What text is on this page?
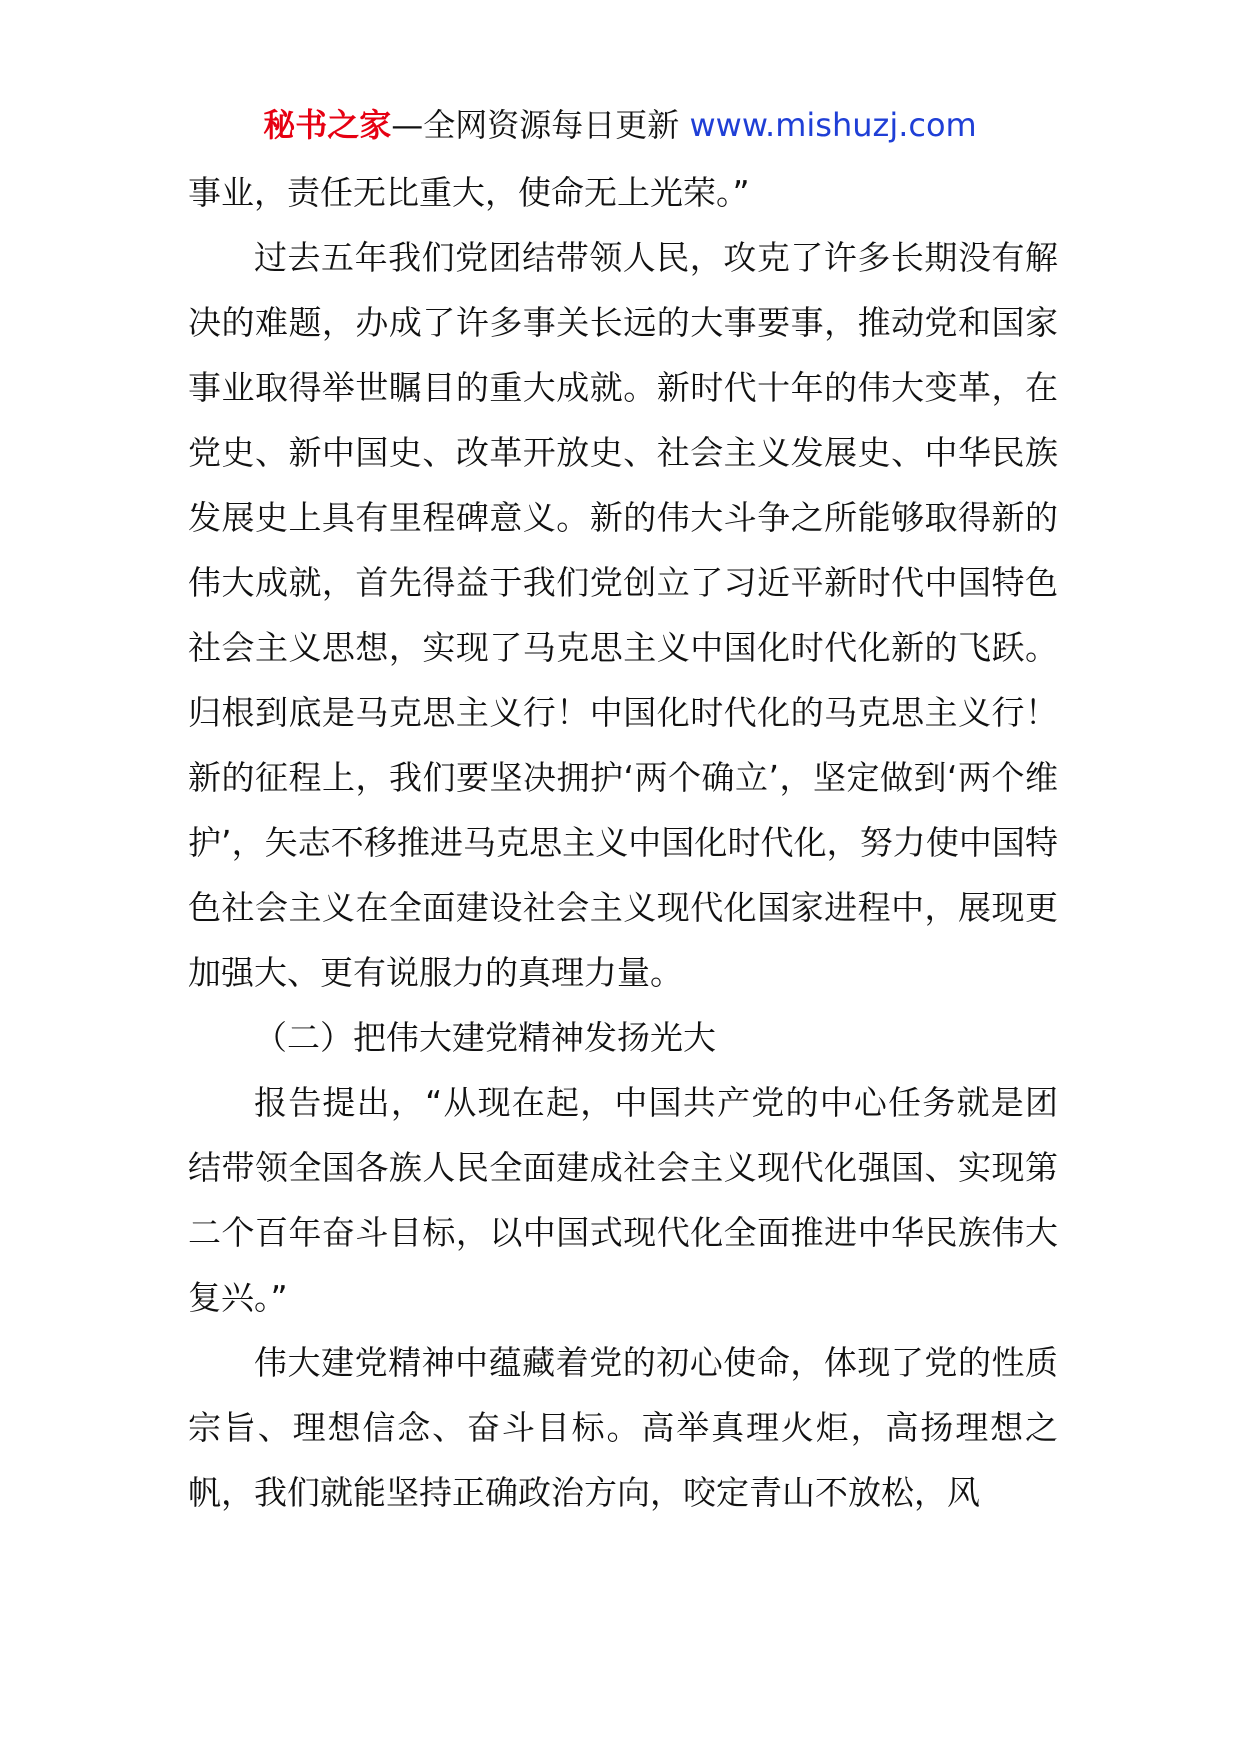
秘书之家—全网资源每日更新 www.mishuzj.com

事业，责任无比重大，使命无上光荣。”

过去五年我们党团结带领人民，攻克了许多长期没有解决的难题，办成了许多事关长远的大事要事，推动党和国家事业取得举世瞩目的重大成就。新时代十年的伟大变革，在党史、新中国史、改革开放史、社会主义发展史、中华民族发展史上具有里程碑意义。新的伟大斗争之所能够取得新的伟大成就，首先得益于我们党创立了习近平新时代中国特色社会主义思想，实现了马克思主义中国化时代化新的飞跃。归根到底是马克思主义行！中国化时代化的马克思主义行！新的征程上，我们要坚决拥护‘两个确立’，坚定做到‘两个维护’，矢志不移推进马克思主义中国化时代化，努力使中国特色社会主义在全面建设社会主义现代化国家进程中，展现更加强大、更有说服力的真理力量。

（二）把伟大建党精神发扬光大

报告提出，“从现在起，中国共产党的中心任务就是团结带领全国各族人民全面建成社会主义现代化强国、实现第二个百年奋斗目标，以中国式现代化全面推进中华民族伟大复兴。”

伟大建党精神中蕴藏着党的初心使命，体现了党的性质宗旨、理想信念、奋斗目标。高举真理火炬，高扬理想之帆，我们就能坚持正确政治方向，咬定青山不放松，风
